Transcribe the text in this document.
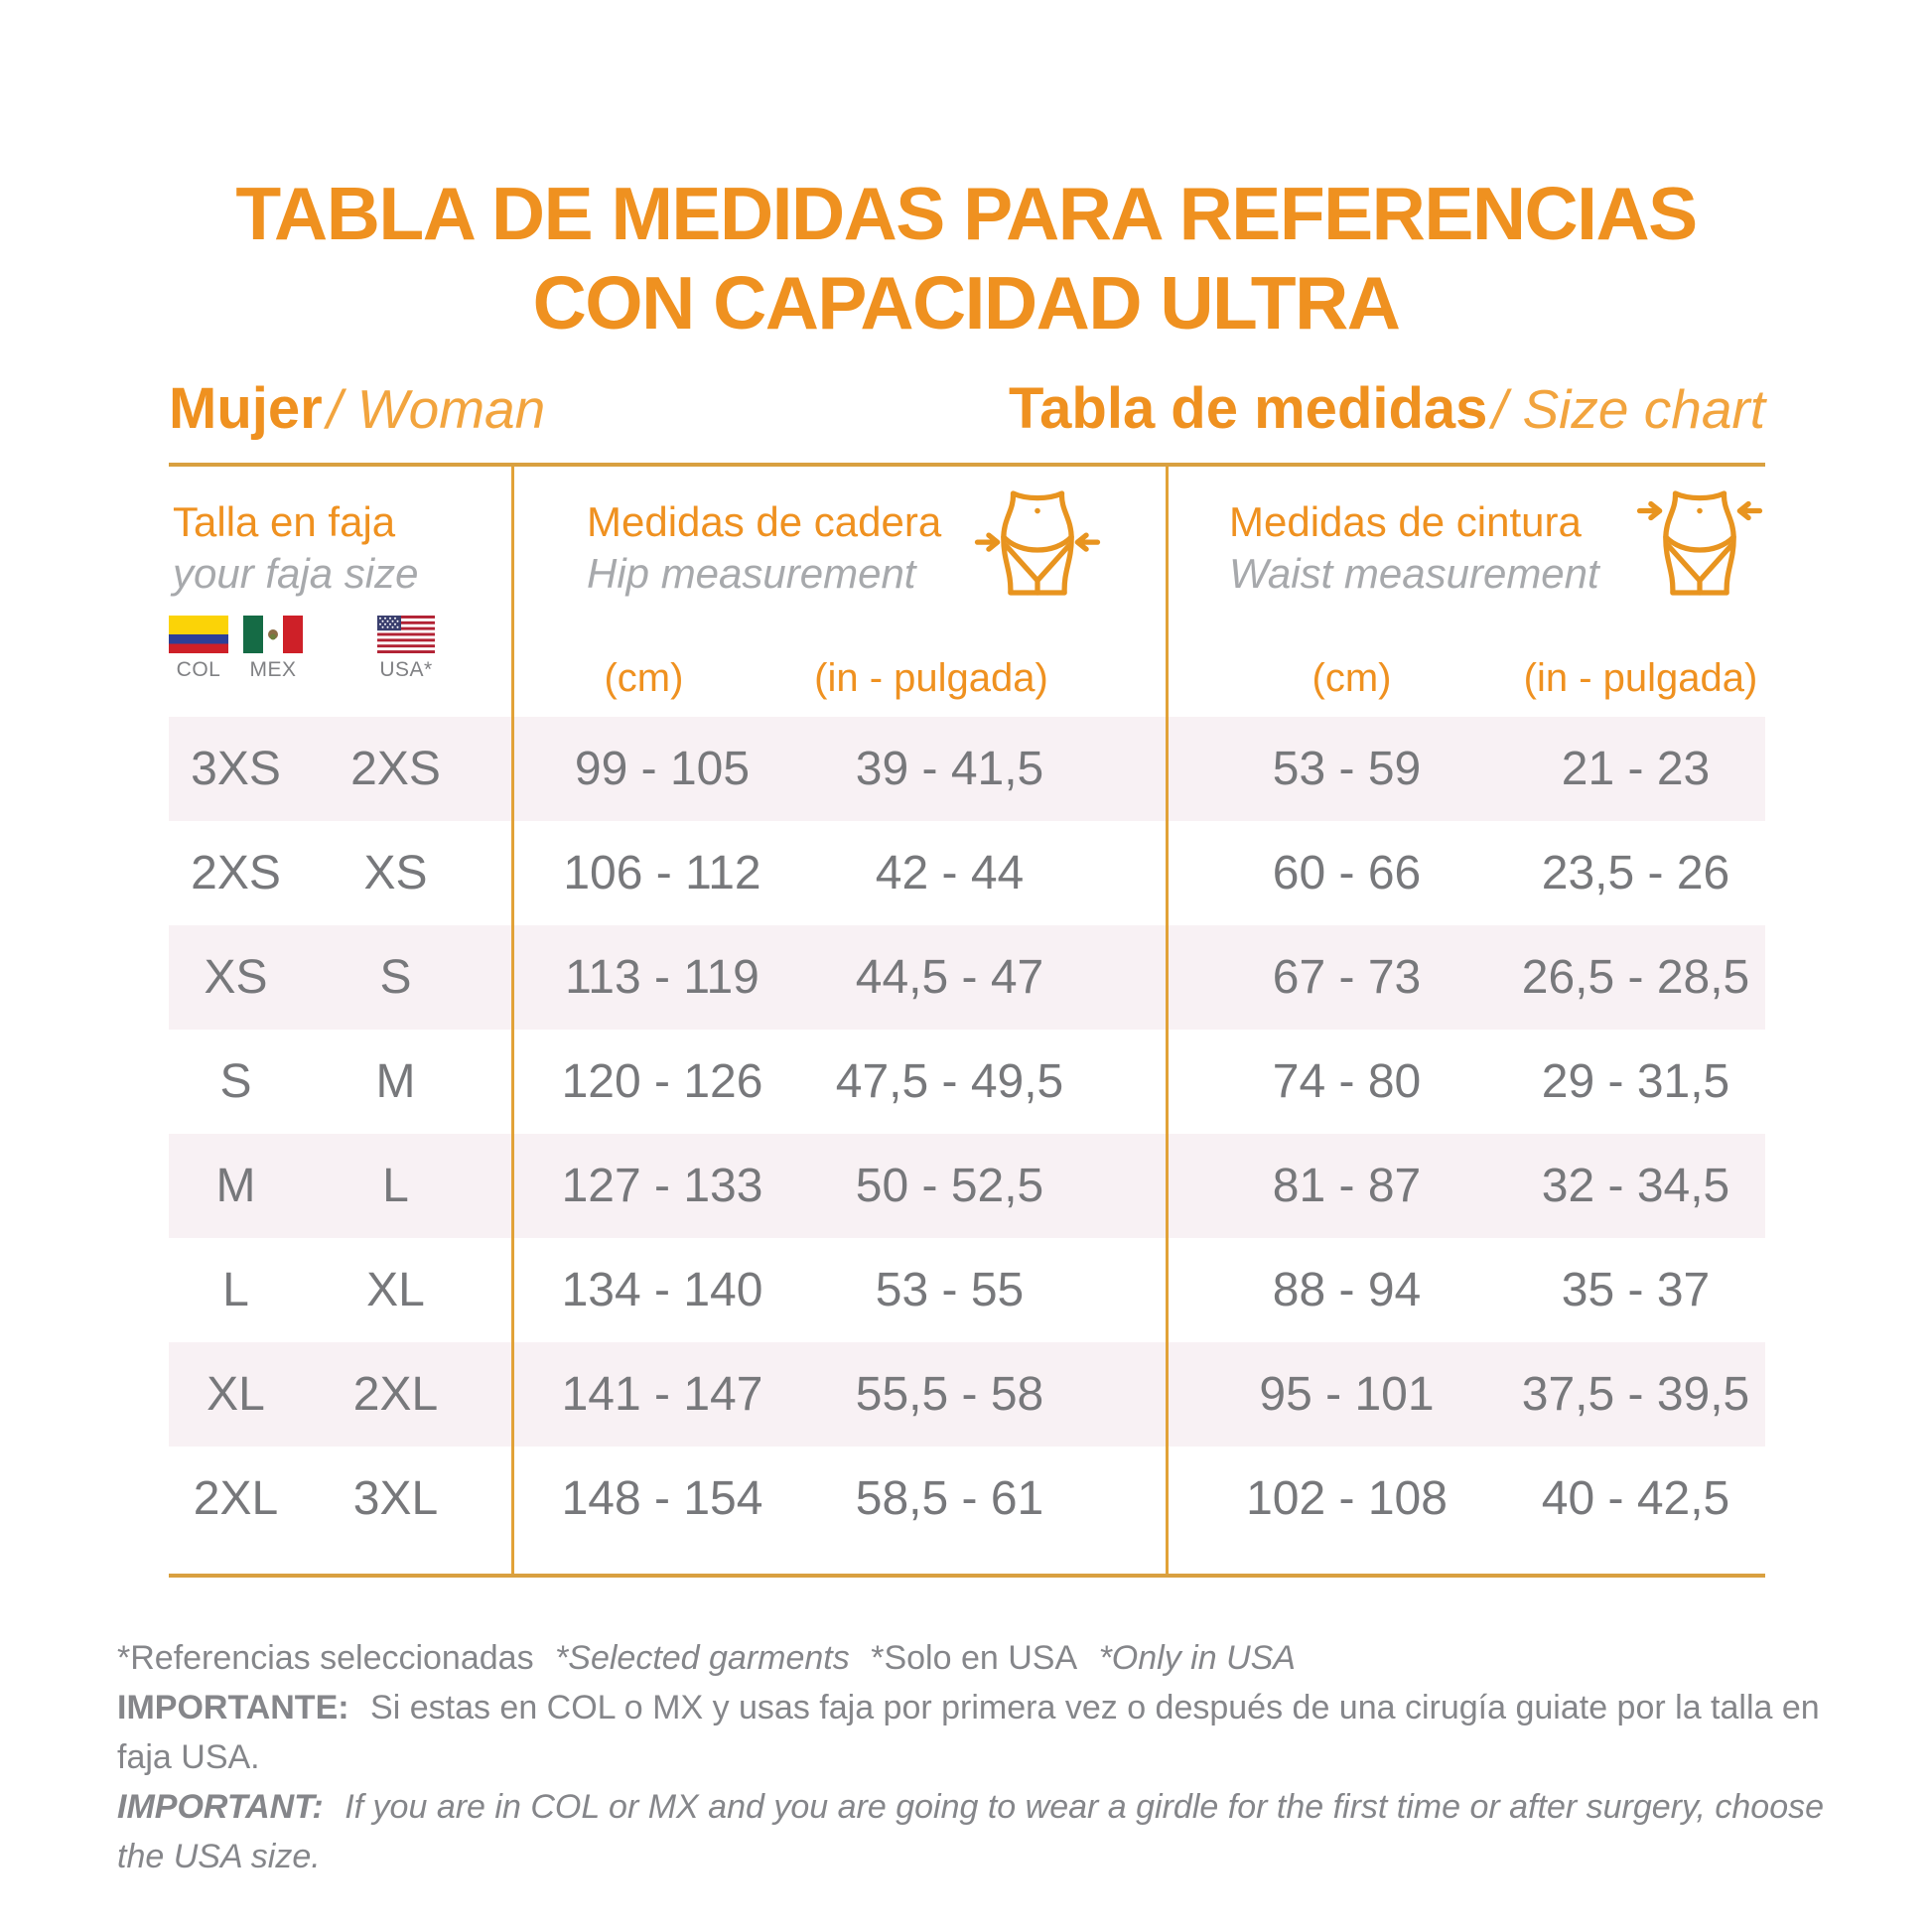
TABLA DE MEDIDAS PARA REFERENCIAS
CON CAPACIDAD ULTRA
Mujer / Woman	Tabla de medidas / Size chart
Talla en faja
your faja size
COL MEX	USA*
Medidas de cadera
Hip measurement
(cm)	(in - pulgada)
Medidas de cintura
Waist measurement
(cm)	(in - pulgada)
3XS	2XS	99 - 105	39 - 41,5	53 - 59	21 - 23
2XS	XS	106 - 112	42 - 44	60 - 66	23,5 - 26
XS	S	113 - 119	44,5 - 47	67 - 73	26,5 - 28,5
S	M	120 - 126	47,5 - 49,5	74 - 80	29 - 31,5
M	L	127 - 133	50 - 52,5	81 - 87	32 - 34,5
L	XL	134 - 140	53 - 55	88 - 94	35 - 37
XL	2XL	141 - 147	55,5 - 58	95 - 101	37,5 - 39,5
2XL	3XL	148 - 154	58,5 - 61	102 - 108	40 - 42,5
*Referencias seleccionadas *Selected garments *Solo en USA *Only in USA
IMPORTANTE: Si estas en COL o MX y usas faja por primera vez o después de una cirugía guiate por la talla en faja USA.
IMPORTANT: If you are in COL or MX and you are going to wear a girdle for the first time or after surgery, choose the USA size.
